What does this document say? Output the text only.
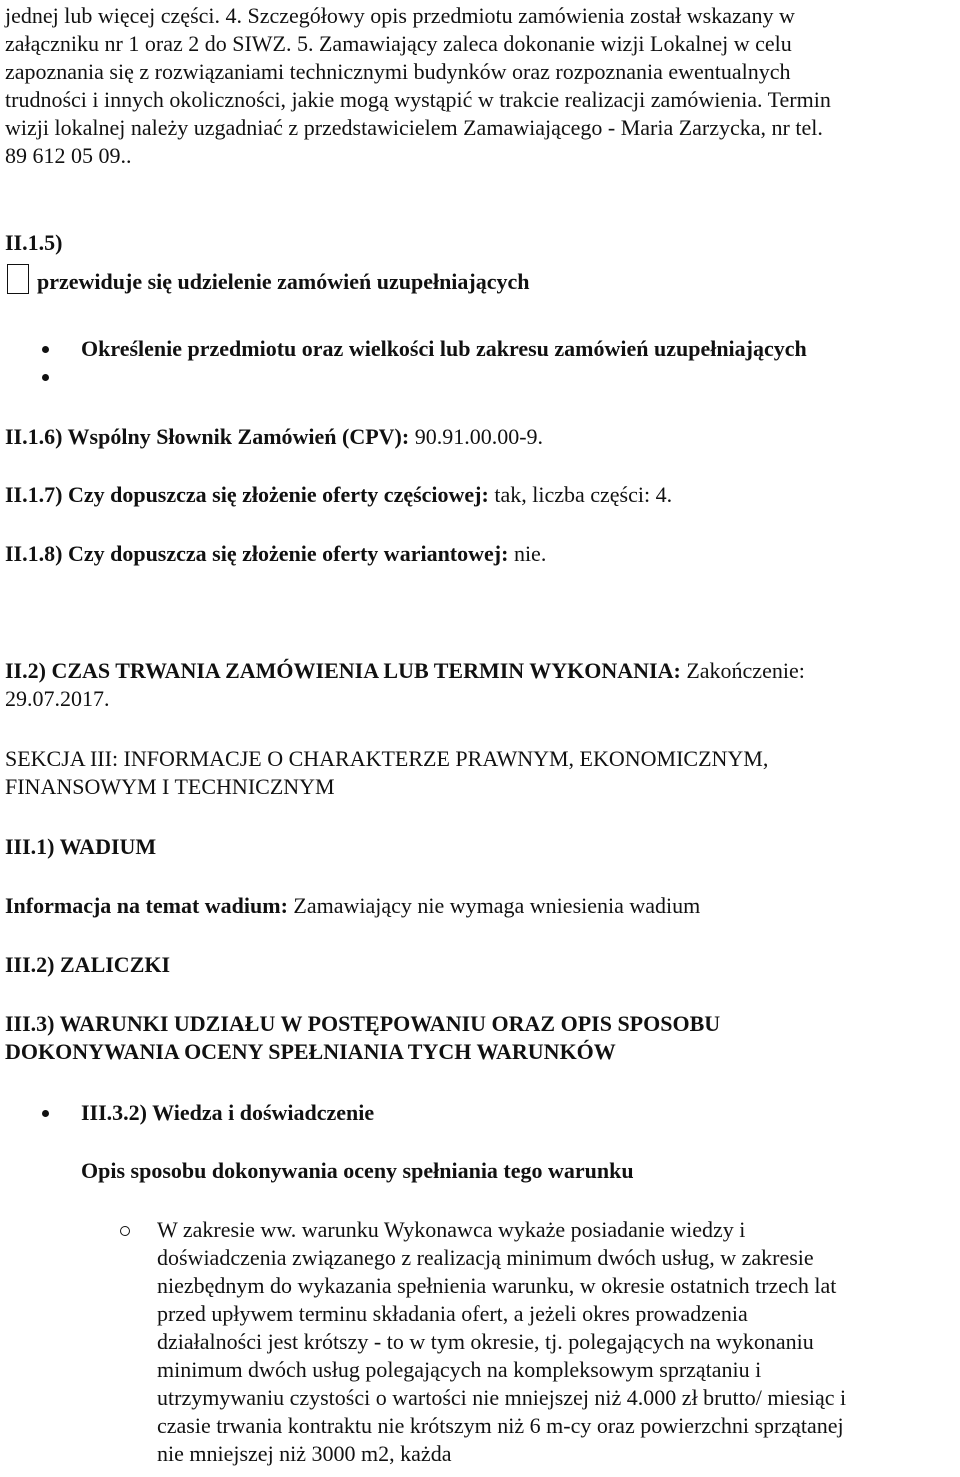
jednej lub więcej części. 4. Szczegółowy opis przedmiotu zamówienia został wskazany w
załączniku nr 1 oraz 2 do SIWZ. 5. Zamawiający zaleca dokonanie wizji Lokalnej w celu
zapoznania się z rozwiązaniami technicznymi budynków oraz rozpoznania ewentualnych
trudności i innych okoliczności, jakie mogą wystąpić w trakcie realizacji zamówienia. Termin
wizji lokalnej należy uzgadniać z przedstawicielem Zamawiającego - Maria Zarzycka, nr tel.
89 612 05 09..

II.1.5)

przewiduje się udzielenie zamówień uzupełniających

Określenie przedmiotu oraz wielkości lub zakresu zamówień uzupełniających

II.1.6) Wspólny Słownik Zamówień (CPV): 90.91.00.00-9.

II.1.7) Czy dopuszcza się złożenie oferty częściowej: tak, liczba części: 4.

II.1.8) Czy dopuszcza się złożenie oferty wariantowej: nie.

II.2) CZAS TRWANIA ZAMÓWIENIA LUB TERMIN WYKONANIA: Zakończenie:
29.07.2017.
SEKCJA III: INFORMACJE O CHARAKTERZE PRAWNYM, EKONOMICZNYM,
FINANSOWYM I TECHNICZNYM

III.1) WADIUM

Informacja na temat wadium: Zamawiający nie wymaga wniesienia wadium

III.2) ZALICZKI

III.3) WARUNKI UDZIAŁU W POSTĘPOWANIU ORAZ OPIS SPOSOBU
DOKONYWANIA OCENY SPEŁNIANIA TYCH WARUNKÓW

III.3.2) Wiedza i doświadczenie

Opis sposobu dokonywania oceny spełniania tego warunku

W zakresie ww. warunku Wykonawca wykaże posiadanie wiedzy i
doświadczenia związanego z realizacją minimum dwóch usług, w zakresie
niezbędnym do wykazania spełnienia warunku, w okresie ostatnich trzech lat
przed upływem terminu składania ofert, a jeżeli okres prowadzenia
działalności jest krótszy - to w tym okresie, tj. polegających na wykonaniu
minimum dwóch usług polegających na kompleksowym sprzątaniu i
utrzymywaniu czystości o wartości nie mniejszej niż 4.000 zł brutto/ miesiąc i
czasie trwania kontraktu nie krótszym niż 6 m-cy oraz powierzchni sprzątanej
nie mniejszej niż 3000 m2, każda
